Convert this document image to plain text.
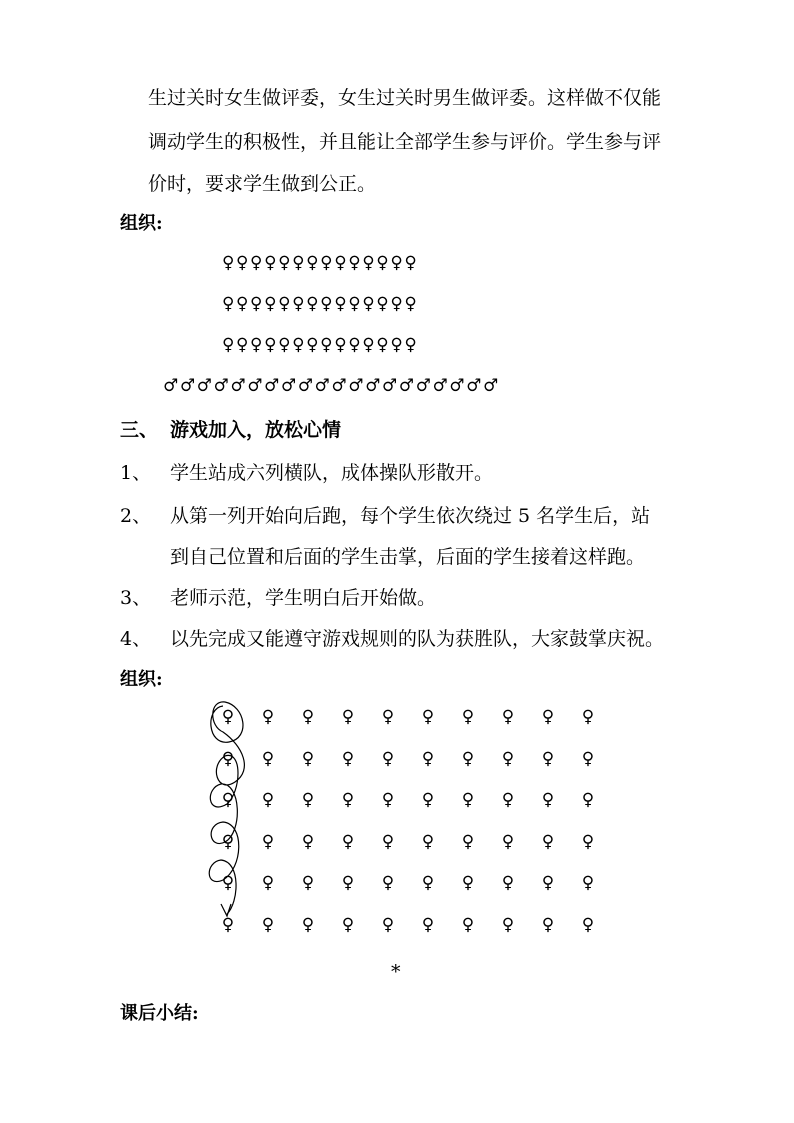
生过关时女生做评委，女生过关时男生做评委。这样做不仅能

调动学生的积极性，并且能让全部学生参与评价。学生参与评

价时，要求学生做到公正。

组织:

♀♀♀♀♀♀♀♀♀♀♀♀♀♀

♀♀♀♀♀♀♀♀♀♀♀♀♀♀

♀♀♀♀♀♀♀♀♀♀♀♀♀♀

♂♂♂♂♂♂♂♂♂♂♂♂♂♂♂♂♂♂♂♂

三、 游戏加入，放松心情

1、 学生站成六列横队，成体操队形散开。

2、 从第一列开始向后跑，每个学生依次绕过 5 名学生后，站

到自己位置和后面的学生击掌，后面的学生接着这样跑。

3、 老师示范，学生明白后开始做。

4、 以先完成又能遵守游戏规则的队为获胜队，大家鼓掌庆祝。

组织:

♀ ♀ ♀ ♀ ♀ ♀ ♀ ♀ ♀ ♀
♀ ♀ ♀ ♀ ♀ ♀ ♀ ♀ ♀ ♀
♀ ♀ ♀ ♀ ♀ ♀ ♀ ♀ ♀ ♀
♀ ♀ ♀ ♀ ♀ ♀ ♀ ♀ ♀ ♀
♀ ♀ ♀ ♀ ♀ ♀ ♀ ♀ ♀ ♀
♀ ♀ ♀ ♀ ♀ ♀ ♀ ♀ ♀ ♀
*

课后小结:
